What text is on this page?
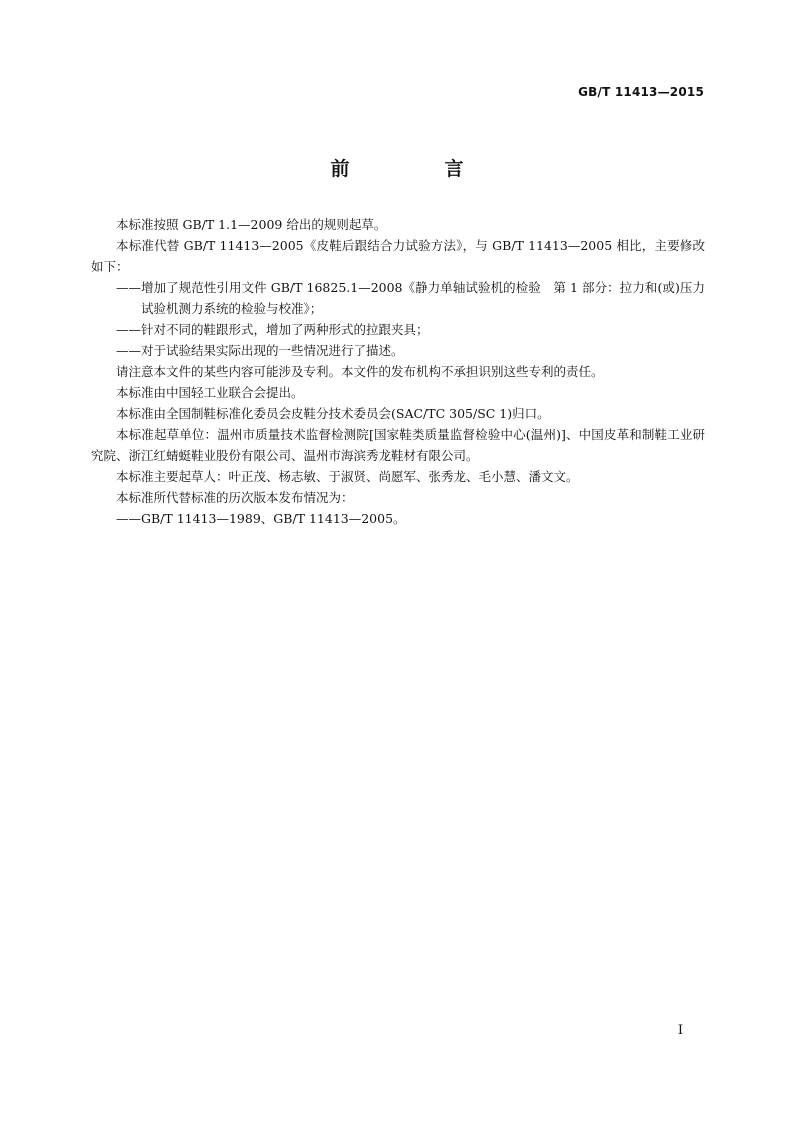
GB/T 11413—2015
前　言

本标准按照 GB/T 1.1—2009 给出的规则起草。

本标准代替 GB/T 11413—2005《皮鞋后跟结合力试验方法》，与 GB/T 11413—2005 相比，主要修改如下：

—— 增加了规范性引用文件 GB/T 16825.1—2008《静力单轴试验机的检验　第 1 部分：拉力和(或)压力试验机测力系统的检验与校准》；
—— 针对不同的鞋跟形式，增加了两种形式的拉跟夹具；
—— 对于试验结果实际出现的一些情况进行了描述。

请注意本文件的某些内容可能涉及专利。本文件的发布机构不承担识别这些专利的责任。

本标准由中国轻工业联合会提出。

本标准由全国制鞋标准化委员会皮鞋分技术委员会(SAC/TC 305/SC 1)归口。

本标准起草单位：温州市质量技术监督检测院[国家鞋类质量监督检验中心(温州)]、中国皮革和制鞋工业研究院、浙江红蜻蜓鞋业股份有限公司、温州市海滨秀龙鞋材有限公司。

本标准主要起草人：叶正茂、杨志敏、于淑贤、尚愿军、张秀龙、毛小慧、潘文文。

本标准所代替标准的历次版本发布情况为：

—— GB/T 11413—1989、GB/T 11413—2005。
I
